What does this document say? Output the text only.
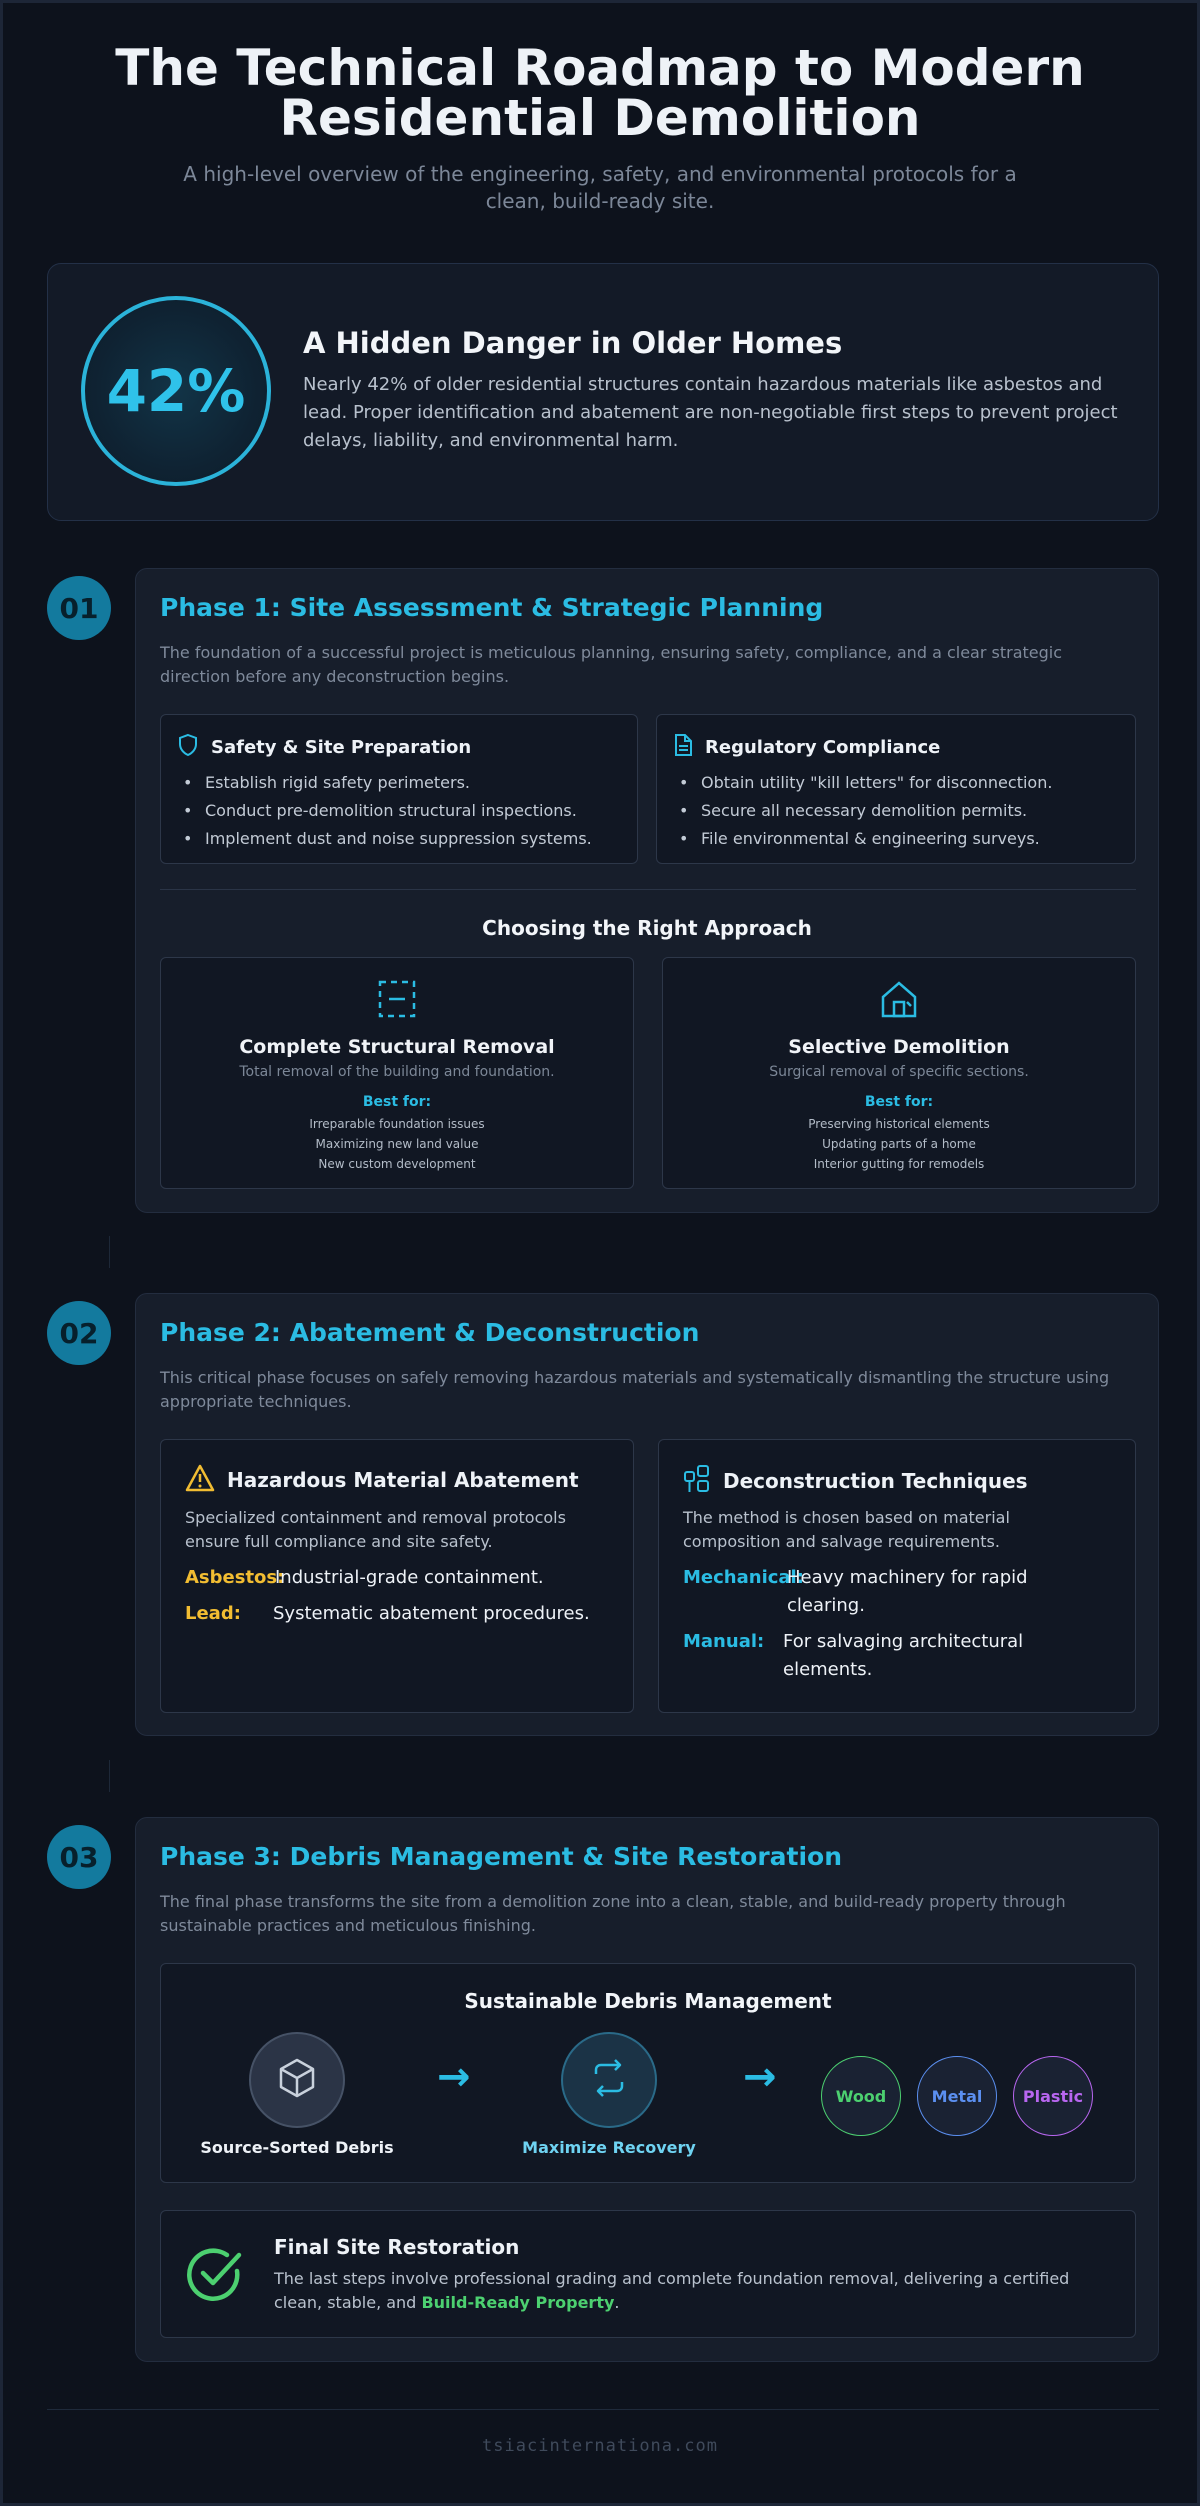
The Technical Roadmap to Modern
Residential Demolition
A high-level overview of the engineering, safety, and environmental protocols for a clean, build-ready site.
42%
A Hidden Danger in Older Homes
Nearly 42% of older residential structures contain hazardous materials like asbestos and lead. Proper identification and abatement are non-negotiable first steps to prevent project delays, liability, and environmental harm.
01	Phase 1: Site Assessment & Strategic Planning
The foundation of a successful project is meticulous planning, ensuring safety, compliance, and a clear strategic direction before any deconstruction begins.
Safety & Site Preparation
• Establish rigid safety perimeters.
• Conduct pre-demolition structural inspections.
• Implement dust and noise suppression systems.
Regulatory Compliance
• Obtain utility "kill letters" for disconnection.
• Secure all necessary demolition permits.
• File environmental & engineering surveys.
Choosing the Right Approach
Complete Structural Removal
Total removal of the building and foundation.
Best for:
Irreparable foundation issues
Maximizing new land value
New custom development
Selective Demolition
Surgical removal of specific sections.
Best for:
Preserving historical elements
Updating parts of a home
Interior gutting for remodels
02	Phase 2: Abatement & Deconstruction
This critical phase focuses on safely removing hazardous materials and systematically dismantling the structure using appropriate techniques.
Hazardous Material Abatement
Specialized containment and removal protocols ensure full compliance and site safety.
Asbestos:
Industrial-grade containment.
Lead: Systematic abatement procedures.
Deconstruction Techniques
The method is chosen based on material composition and salvage requirements.
Mechanical:
Heavy machinery for rapid
clearing.
Manual: For salvaging architectural
elements.
03	Phase 3: Debris Management & Site Restoration
The final phase transforms the site from a demolition zone into a clean, stable, and build-ready property through sustainable practices and meticulous finishing.
Sustainable Debris Management
Source-Sorted Debris
→
Maximize Recovery
→	Wood	Metal	Plastic
Final Site Restoration
The last steps involve professional grading and complete foundation removal, delivering a certified clean, stable, and Build-Ready Property.
tsiacinternationa.com
